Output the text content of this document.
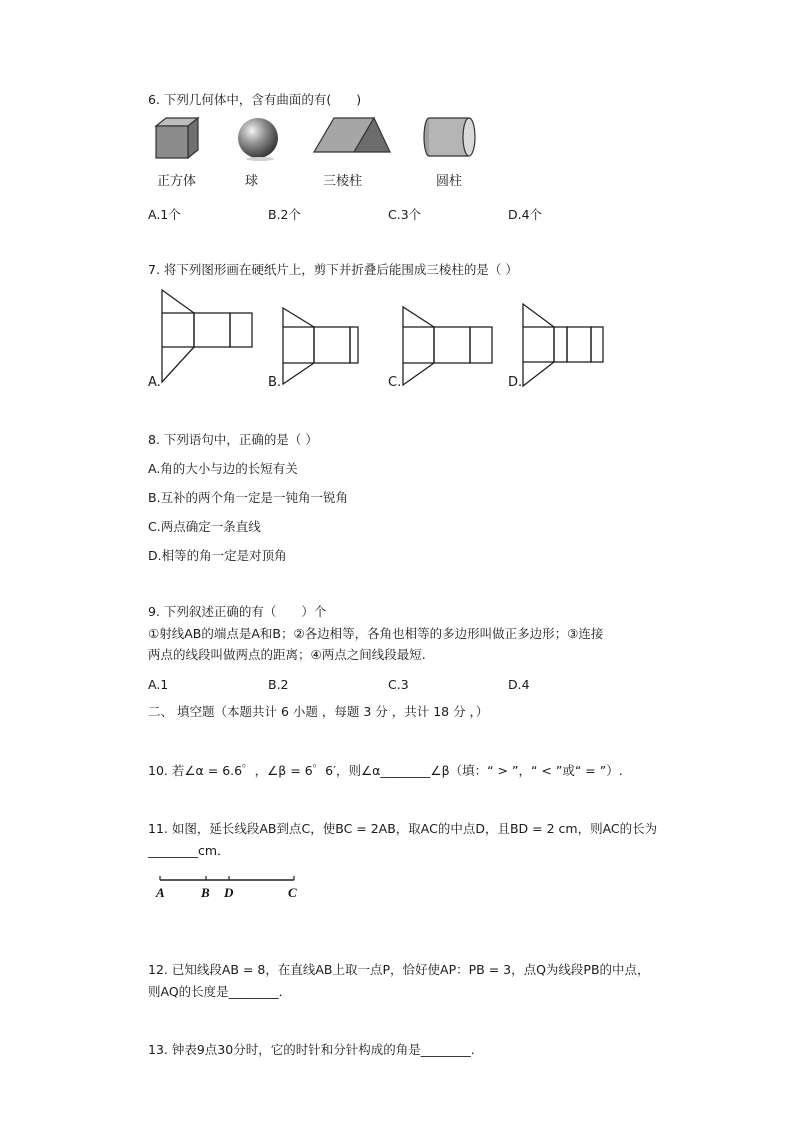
6. 下列几何体中，含有曲面的有(　　)
正方体	球	三棱柱	圆柱
A.1个	B.2个	C.3个	D.4个
7. 将下列图形画在硬纸片上，剪下并折叠后能围成三棱柱的是（ ）
A.	B.	C.	D.
8. 下列语句中，正确的是（ ）
A.角的大小与边的长短有关
B.互补的两个角一定是一钝角一锐角
C.两点确定一条直线
D.相等的角一定是对顶角
9. 下列叙述正确的有（　　）个
①射线AB的端点是A和B；②各边相等，各角也相等的多边形叫做正多边形；③连接
两点的线段叫做两点的距离；④两点之间线段最短.
A.1	B.2	C.3	D.4
二、 填空题（本题共计 6 小题 ，每题 3 分 ，共计 18 分 ，）
10. 若∠α = 6.6゜，∠β = 6゜6′，则∠α________∠β（填：“ > ”，“ < ”或“ = ”）.
11. 如图，延长线段AB到点C，使BC = 2AB，取AC的中点D，且BD = 2 cm，则AC的长为
________cm．
A	B D	C
12. 已知线段AB = 8，在直线AB上取一点P，恰好使AP：PB = 3，点Q为线段PB的中点，
则AQ的长度是________．
13. 钟表9点30分时，它的时针和分针构成的角是________．
